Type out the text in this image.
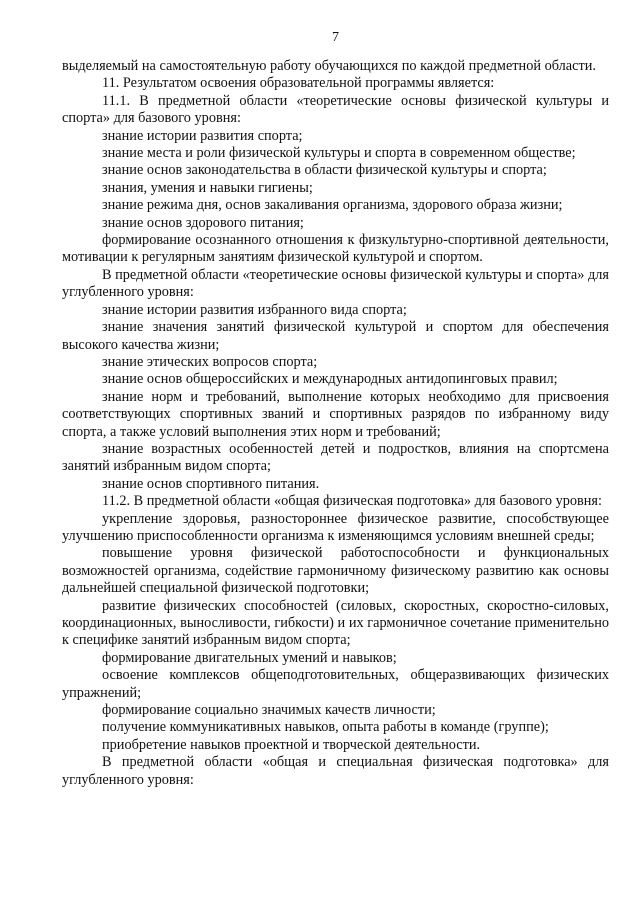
7

выделяемый на самостоятельную работу обучающихся по каждой предметной области.

11. Результатом освоения образовательной программы является:

11.1. В предметной области «теоретические основы физической культуры и спорта» для базового уровня:

знание истории развития спорта;

знание места и роли физической культуры и спорта в современном обществе;

знание основ законодательства в области физической культуры и спорта;

знания, умения и навыки гигиены;

знание режима дня, основ закаливания организма, здорового образа жизни;

знание основ здорового питания;

формирование осознанного отношения к физкультурно-спортивной деятельности, мотивации к регулярным занятиям физической культурой и спортом.

В предметной области «теоретические основы физической культуры и спорта» для углубленного уровня:

знание истории развития избранного вида спорта;

знание значения занятий физической культурой и спортом для обеспечения высокого качества жизни;

знание этических вопросов спорта;

знание основ общероссийских и международных антидопинговых правил;

знание норм и требований, выполнение которых необходимо для присвоения соответствующих спортивных званий и спортивных разрядов по избранному виду спорта, а также условий выполнения этих норм и требований;

знание возрастных особенностей детей и подростков, влияния на спортсмена занятий избранным видом спорта;

знание основ спортивного питания.

11.2. В предметной области «общая физическая подготовка» для базового уровня:

укрепление здоровья, разностороннее физическое развитие, способствующее улучшению приспособленности организма к изменяющимся условиям внешней среды;

повышение уровня физической работоспособности и функциональных возможностей организма, содействие гармоничному физическому развитию как основы дальнейшей специальной физической подготовки;

развитие физических способностей (силовых, скоростных, скоростно-силовых, координационных, выносливости, гибкости) и их гармоничное сочетание применительно к специфике занятий избранным видом спорта;

формирование двигательных умений и навыков;

освоение комплексов общеподготовительных, общеразвивающих физических упражнений;

формирование социально значимых качеств личности;

получение коммуникативных навыков, опыта работы в команде (группе);

приобретение навыков проектной и творческой деятельности.

В предметной области «общая и специальная физическая подготовка» для углубленного уровня:
